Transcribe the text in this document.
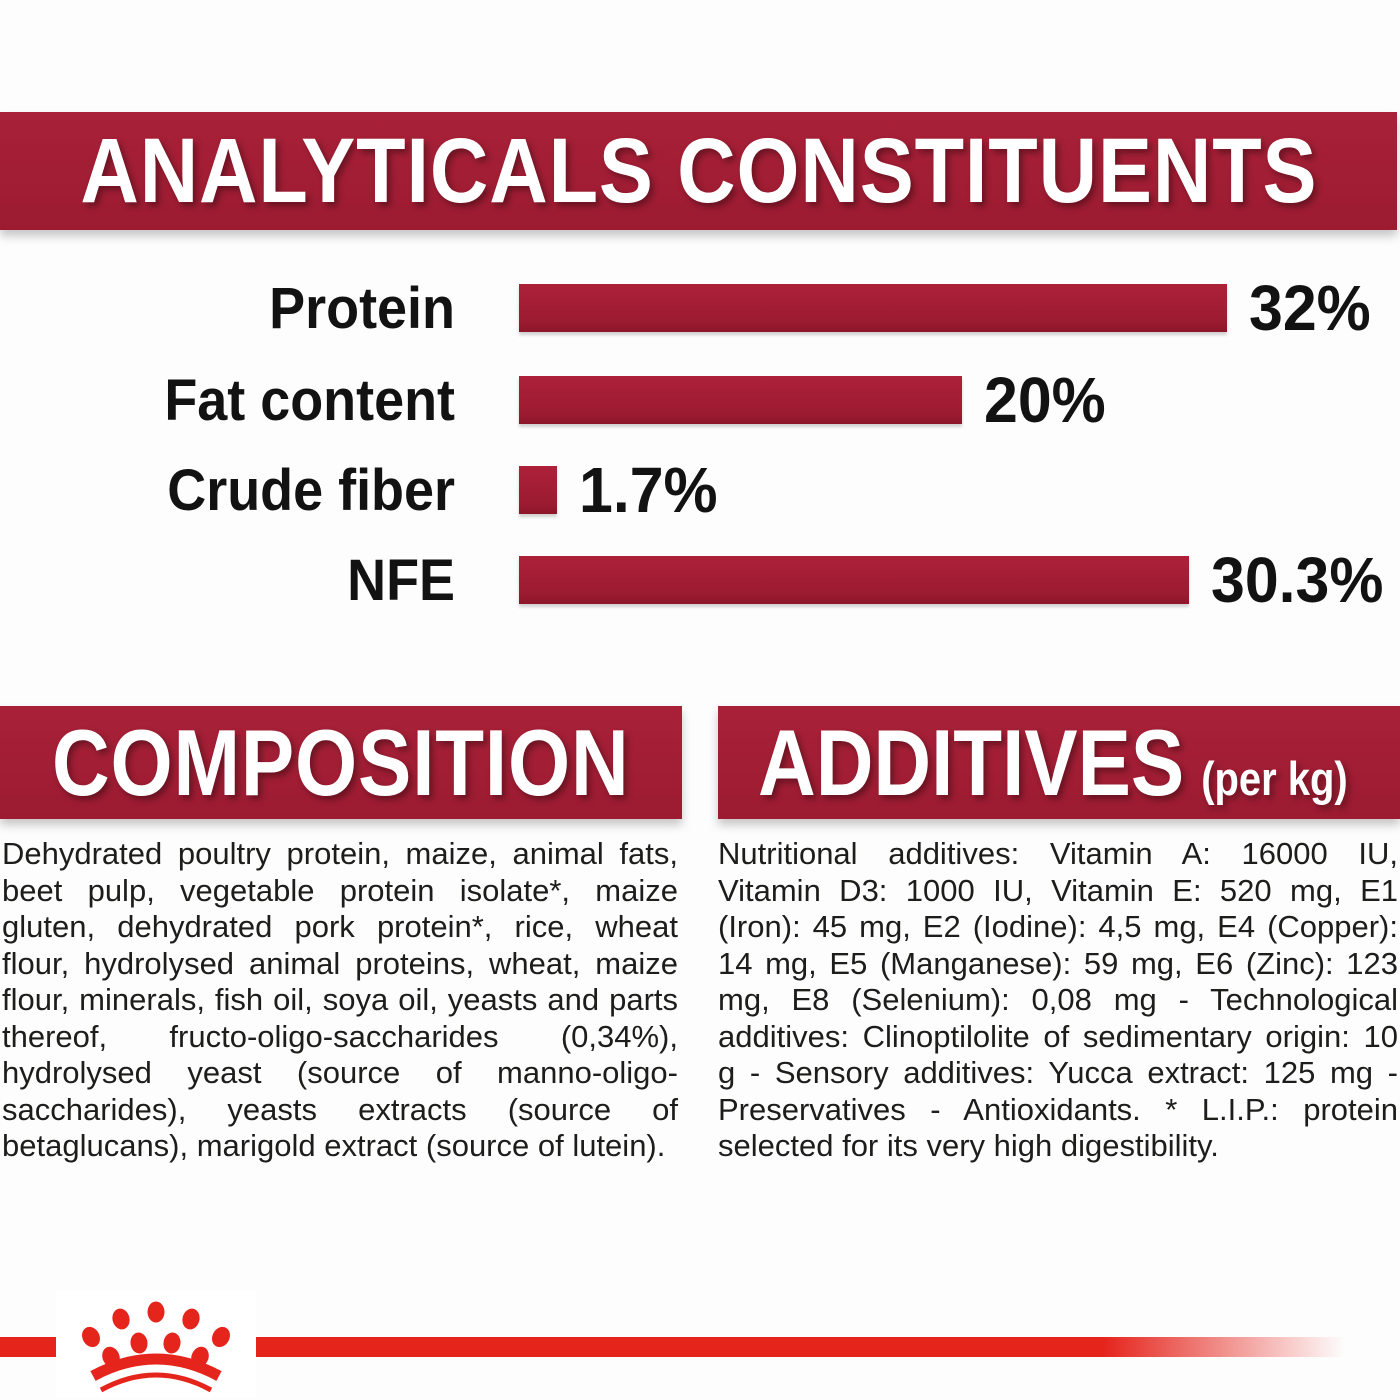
ANALYTICALS CONSTITUENTS
Protein	32%
Fat content	20%
Crude fiber 1.7%
NFE	30.3%
COMPOSITION
Dehydrated poultry protein, maize, animal fats, beet pulp, vegetable protein isolate*, maize gluten, dehydrated pork protein*, rice, wheat flour, hydrolysed animal proteins, wheat, maize flour, minerals, fish oil, soya oil, yeasts and parts thereof, fructo-oligo-saccharides (0,34%), hydrolysed yeast (source of manno-oligo-saccharides), yeasts extracts (source of betaglucans), marigold extract (source of lutein).
ADDITIVES (per kg)
Nutritional additives: Vitamin A: 16000 IU, Vitamin D3: 1000 IU, Vitamin E: 520 mg, E1 (Iron): 45 mg, E2 (Iodine): 4,5 mg, E4 (Copper): 14 mg, E5 (Manganese): 59 mg, E6 (Zinc): 123 mg, E8 (Selenium): 0,08 mg - Technological additives: Clinoptilolite of sedimentary origin: 10 g - Sensory additives: Yucca extract: 125 mg - Preservatives - Antioxidants. * L.I.P.: protein selected for its very high digestibility.
